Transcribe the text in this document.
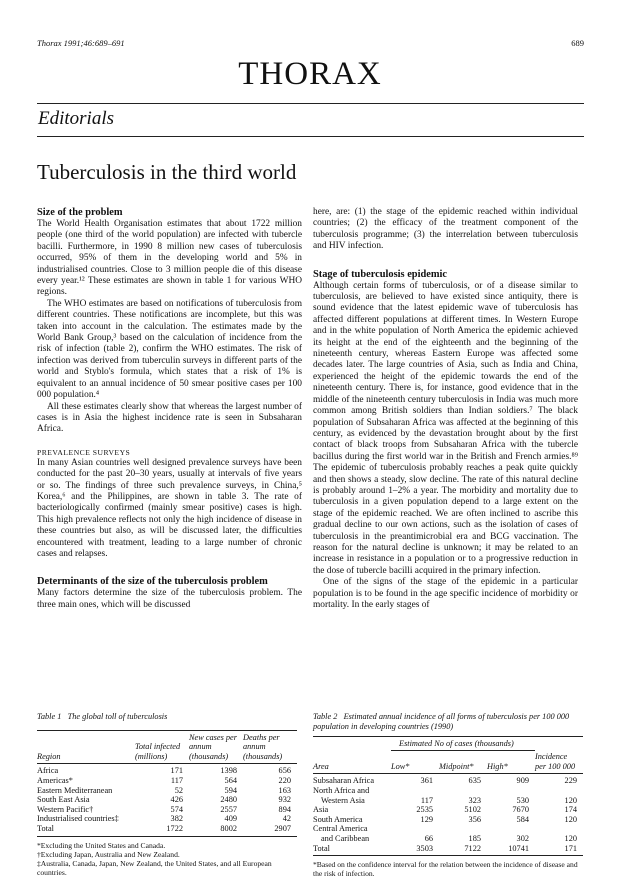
Thorax 1991;46:689–691	689
THORAX
Editorials
Tuberculosis in the third world
Size of the problem

The World Health Organisation estimates that about 1722 million people (one third of the world population) are infected with tubercle bacilli. Furthermore, in 1990 8 million new cases of tuberculosis occurred, 95% of them in the developing world and 5% in industrialised countries. Close to 3 million people die of this disease every year.¹² These estimates are shown in table 1 for various WHO regions.

The WHO estimates are based on notifications of tuberculosis from different countries. These notifications are incomplete, but this was taken into account in the calculation. The estimates made by the World Bank Group,³ based on the calculation of incidence from the risk of infection (table 2), confirm the WHO estimates. The risk of infection was derived from tuberculin surveys in different parts of the world and Styblo's formula, which states that a risk of 1% is equivalent to an annual incidence of 50 smear positive cases per 100 000 population.⁴

All these estimates clearly show that whereas the largest number of cases is in Asia the highest incidence rate is seen in Subsaharan Africa.

PREVALENCE SURVEYS

In many Asian countries well designed prevalence surveys have been conducted for the past 20–30 years, usually at intervals of five years or so. The findings of three such prevalence surveys, in China,⁵ Korea,⁶ and the Philippines, are shown in table 3. The rate of bacteriologically confirmed (mainly smear positive) cases is high. This high prevalence reflects not only the high incidence of disease in these countries but also, as will be discussed later, the difficulties encountered with treatment, leading to a large number of chronic cases and relapses.

Determinants of the size of the tuberculosis problem

Many factors determine the size of the tuberculosis problem. The three main ones, which will be discussed

here, are: (1) the stage of the epidemic reached within individual countries; (2) the efficacy of the treatment component of the tuberculosis programme; (3) the interrelation between tuberculosis and HIV infection.

Stage of tuberculosis epidemic

Although certain forms of tuberculosis, or of a disease similar to tuberculosis, are believed to have existed since antiquity, there is sound evidence that the latest epidemic wave of tuberculosis has affected different populations at different times. In Western Europe and in the white population of North America the epidemic achieved its height at the end of the eighteenth and the beginning of the nineteenth century, whereas Eastern Europe was affected some decades later. The large countries of Asia, such as India and China, experienced the height of the epidemic towards the end of the nineteenth century. There is, for instance, good evidence that in the middle of the nineteenth century tuberculosis in India was much more common among British soldiers than Indian soldiers.⁷ The black population of Subsaharan Africa was affected at the beginning of this century, as evidenced by the devastation brought about by the first contact of black troops from Subsaharan Africa with the tubercle bacillus during the first world war in the British and French armies.⁸⁹ The epidemic of tuberculosis probably reaches a peak quite quickly and then shows a steady, slow decline. The rate of this natural decline is probably around 1–2% a year. The morbidity and mortality due to tuberculosis in a given population depend to a large extent on the stage of the epidemic reached. We are often inclined to ascribe this gradual decline to our own actions, such as the isolation of cases of tuberculosis in the preantimicrobial era and BCG vaccination. The reason for the natural decline is unknown; it may be related to an increase in resistance in a population or to a progressive reduction in the dose of tubercle bacilli acquired in the primary infection.

One of the signs of the stage of the epidemic in a particular population is to be found in the age specific incidence of morbidity or mortality. In the early stages of

Table 1 The global toll of tuberculosis
Region	Total infected (millions)	New cases per annum (thousands)	Deaths per annum (thousands)
Africa	171	1398	656
Americas*	117	564	220
Eastern Mediterranean	52	594	163
South East Asia	426	2480	932
Western Pacific†	574	2557	894
Industrialised countries‡	382	409	42
Total	1722	8002	2907
*Excluding the United States and Canada.
†Excluding Japan, Australia and New Zealand.
‡Australia, Canada, Japan, New Zealand, the United States, and all European countries.
Table 2 Estimated annual incidence of all forms of tuberculosis per 100 000 population in developing countries (1990)
	Estimated No of cases (thousands)			
Area	Low*	Midpoint*	High*	Incidence per 100 000
Subsaharan Africa	361	635	909	229
North Africa and				
Western Asia	117	323	530	120
Asia	2535	5102	7670	174
South America	129	356	584	120
Central America				
and Caribbean	66	185	302	120
Total	3503	7122	10741	171
*Based on the confidence interval for the relation between the incidence of disease and the risk of infection.
